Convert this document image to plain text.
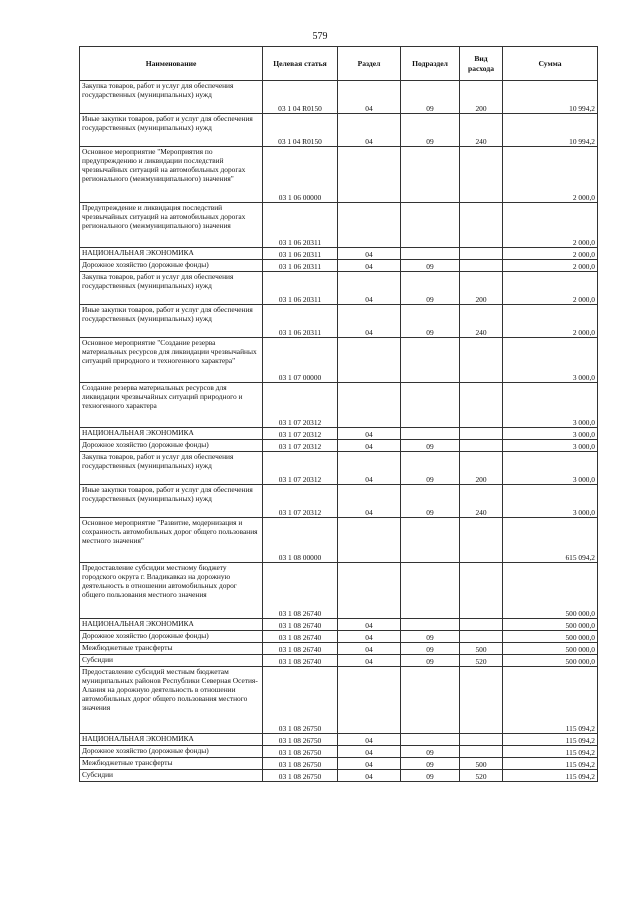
579
Наименование	Целевая статья	Раздел	Подраздел	Вид расхода	Сумма
Закупка товаров, работ и услуг для обеспечения государственных (муниципальных) нужд	03 1 04 R0150	04	09	200	10 994,2
Иные закупки товаров, работ и услуг для обеспечения государственных (муниципальных) нужд	03 1 04 R0150	04	09	240	10 994,2
Основное мероприятие "Мероприятия по предупреждению и ликвидации последствий чрезвычайных ситуаций на автомобильных дорогах регионального (межмуниципального) значения"	03 1 06 00000				2 000,0
Предупреждение и ликвидация последствий чрезвычайных ситуаций на автомобильных дорогах регионального (межмуниципального) значения	03 1 06 20311				2 000,0
НАЦИОНАЛЬНАЯ ЭКОНОМИКА	03 1 06 20311	04			2 000,0
Дорожное хозяйство (дорожные фонды)	03 1 06 20311	04	09		2 000,0
Закупка товаров, работ и услуг для обеспечения государственных (муниципальных) нужд	03 1 06 20311	04	09	200	2 000,0
Иные закупки товаров, работ и услуг для обеспечения государственных (муниципальных) нужд	03 1 06 20311	04	09	240	2 000,0
Основное мероприятие "Создание резерва материальных ресурсов для ликвидации чрезвычайных ситуаций природного и техногенного характера"	03 1 07 00000				3 000,0
Создание резерва материальных ресурсов для ликвидации чрезвычайных ситуаций природного и техногенного характера	03 1 07 20312				3 000,0
НАЦИОНАЛЬНАЯ ЭКОНОМИКА	03 1 07 20312	04			3 000,0
Дорожное хозяйство (дорожные фонды)	03 1 07 20312	04	09		3 000,0
Закупка товаров, работ и услуг для обеспечения государственных (муниципальных) нужд	03 1 07 20312	04	09	200	3 000,0
Иные закупки товаров, работ и услуг для обеспечения государственных (муниципальных) нужд	03 1 07 20312	04	09	240	3 000,0
Основное мероприятие "Развитие, модернизация и сохранность автомобильных дорог общего пользования местного значения"	03 1 08 00000				615 094,2
Предоставление субсидии местному бюджету городского округа г. Владикавказ на дорожную деятельность в отношении автомобильных дорог общего пользования местного значения	03 1 08 26740				500 000,0
НАЦИОНАЛЬНАЯ ЭКОНОМИКА	03 1 08 26740	04			500 000,0
Дорожное хозяйство (дорожные фонды)	03 1 08 26740	04	09		500 000,0
Межбюджетные трансферты	03 1 08 26740	04	09	500	500 000,0
Субсидии	03 1 08 26740	04	09	520	500 000,0
Предоставление субсидий местным бюджетам муниципальных районов Республики Северная Осетия-Алания на дорожную деятельность в отношении автомобильных дорог общего пользования местного значения	03 1 08 26750				115 094,2
НАЦИОНАЛЬНАЯ ЭКОНОМИКА	03 1 08 26750	04			115 094,2
Дорожное хозяйство (дорожные фонды)	03 1 08 26750	04	09		115 094,2
Межбюджетные трансферты	03 1 08 26750	04	09	500	115 094,2
Субсидии	03 1 08 26750	04	09	520	115 094,2
